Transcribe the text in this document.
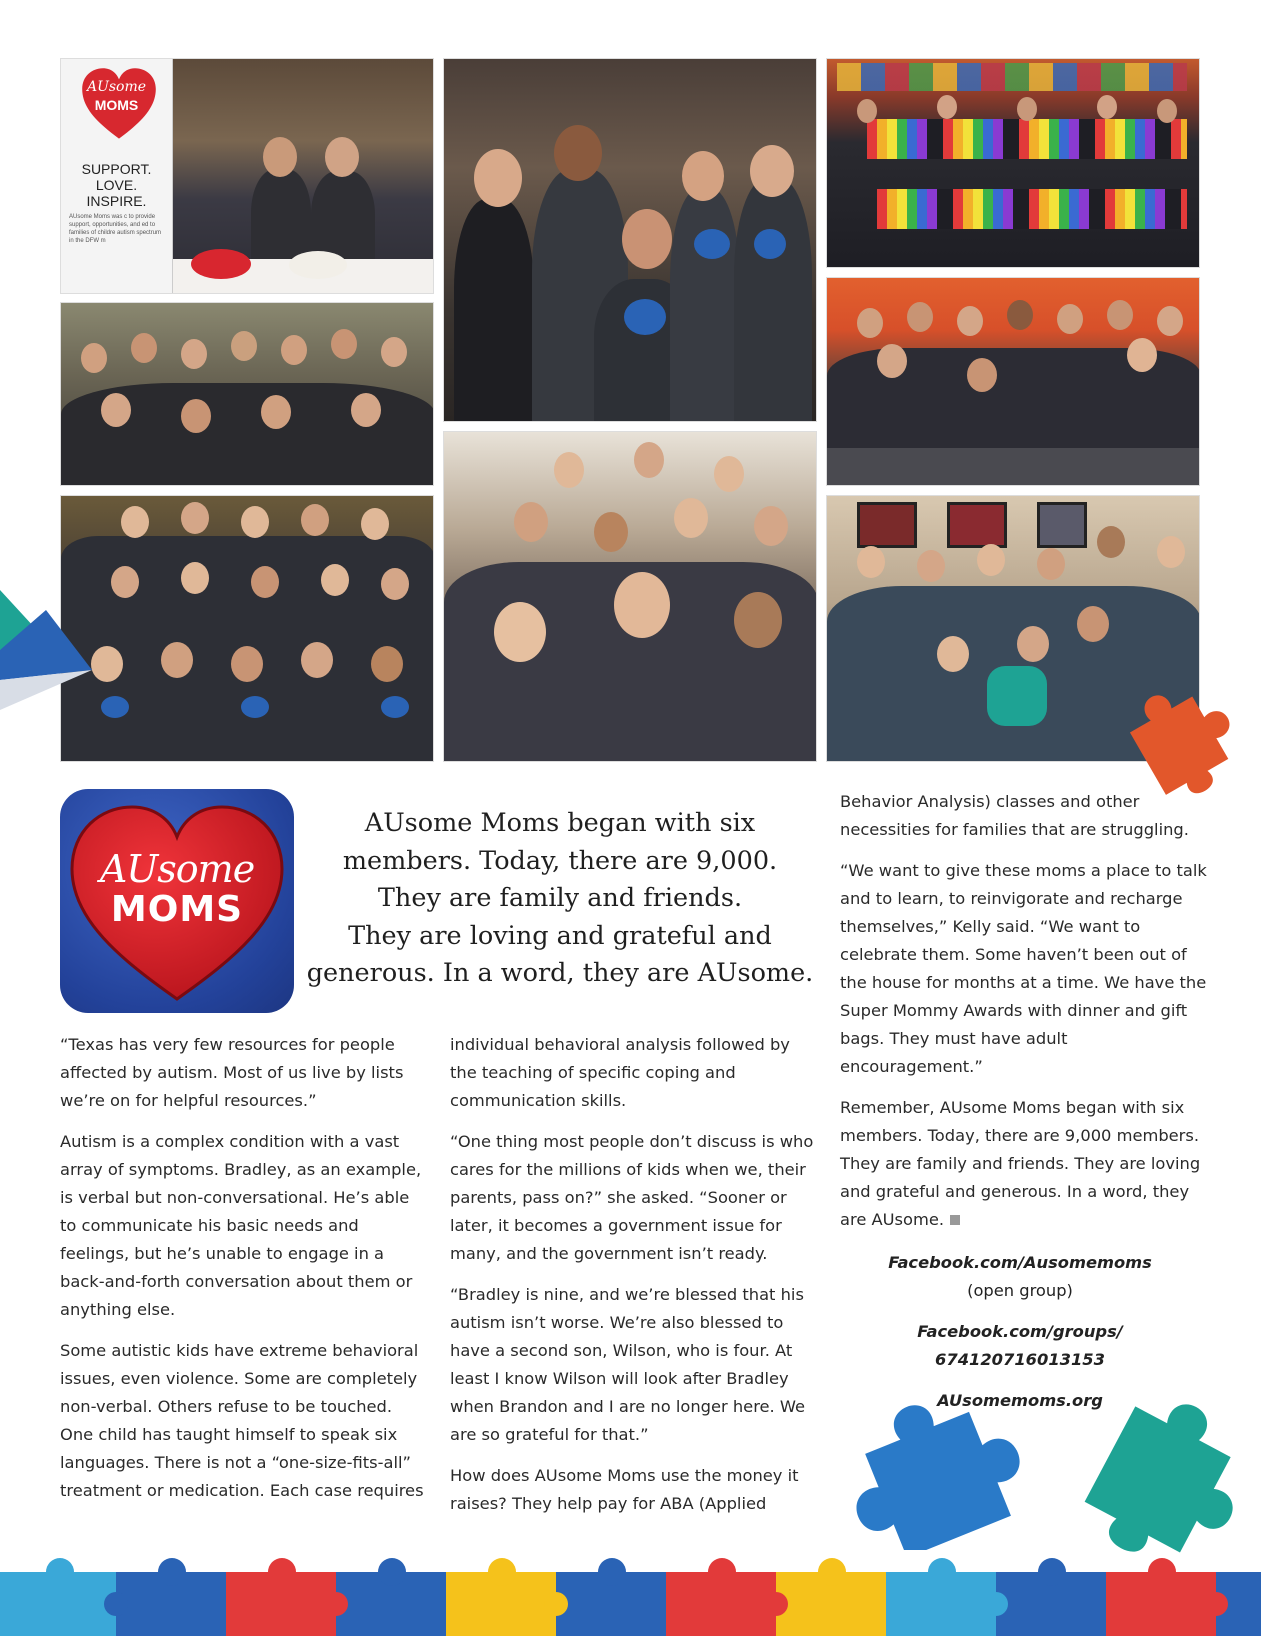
AUsome
MOMS
SUPPORT.
LOVE.
INSPIRE.
AUsome Moms was c to provide support, opportunities, and ed to families of childre autism spectrum in the DFW m
AUsome
MOMS
AUsome Moms began with six
members. Today, there are 9,000.
They are family and friends.
They are loving and grateful and
generous. In a word, they are AUsome.

“Texas has very few resources for people affected by autism. Most of us live by lists we’re on for helpful resources.”

Autism is a complex condition with a vast array of symptoms. Bradley, as an example, is verbal but non-conversational. He’s able to communicate his basic needs and feelings, but he’s unable to engage in a back-and-forth conversation about them or anything else.

Some autistic kids have extreme behavioral issues, even violence. Some are completely non-verbal. Others refuse to be touched. One child has taught himself to speak six languages. There is not a “one-size-fits-all” treatment or medication. Each case requires

individual behavioral analysis followed by the teaching of specific coping and communication skills.

“One thing most people don’t discuss is who cares for the millions of kids when we, their parents, pass on?” she asked. “Sooner or later, it becomes a government issue for many, and the government isn’t ready.

“Bradley is nine, and we’re blessed that his autism isn’t worse. We’re also blessed to have a second son, Wilson, who is four. At least I know Wilson will look after Bradley when Brandon and I are no longer here. We are so grateful for that.”

How does AUsome Moms use the money it raises? They help pay for ABA (Applied

Behavior Analysis) classes and other necessities for families that are struggling.

“We want to give these moms a place to talk and to learn, to reinvigorate and recharge themselves,” Kelly said. “We want to celebrate them. Some haven’t been out of the house for months at a time. We have the Super Mommy Awards with dinner and gift bags. They must have adult encouragement.”

Remember, AUsome Moms began with six members. Today, there are 9,000 members. They are family and friends. They are loving and grateful and generous. In a word, they are AUsome.

Facebook.com/Ausomemoms
(open group)
Facebook.com/groups/
674120716013153
AUsomemoms.org
